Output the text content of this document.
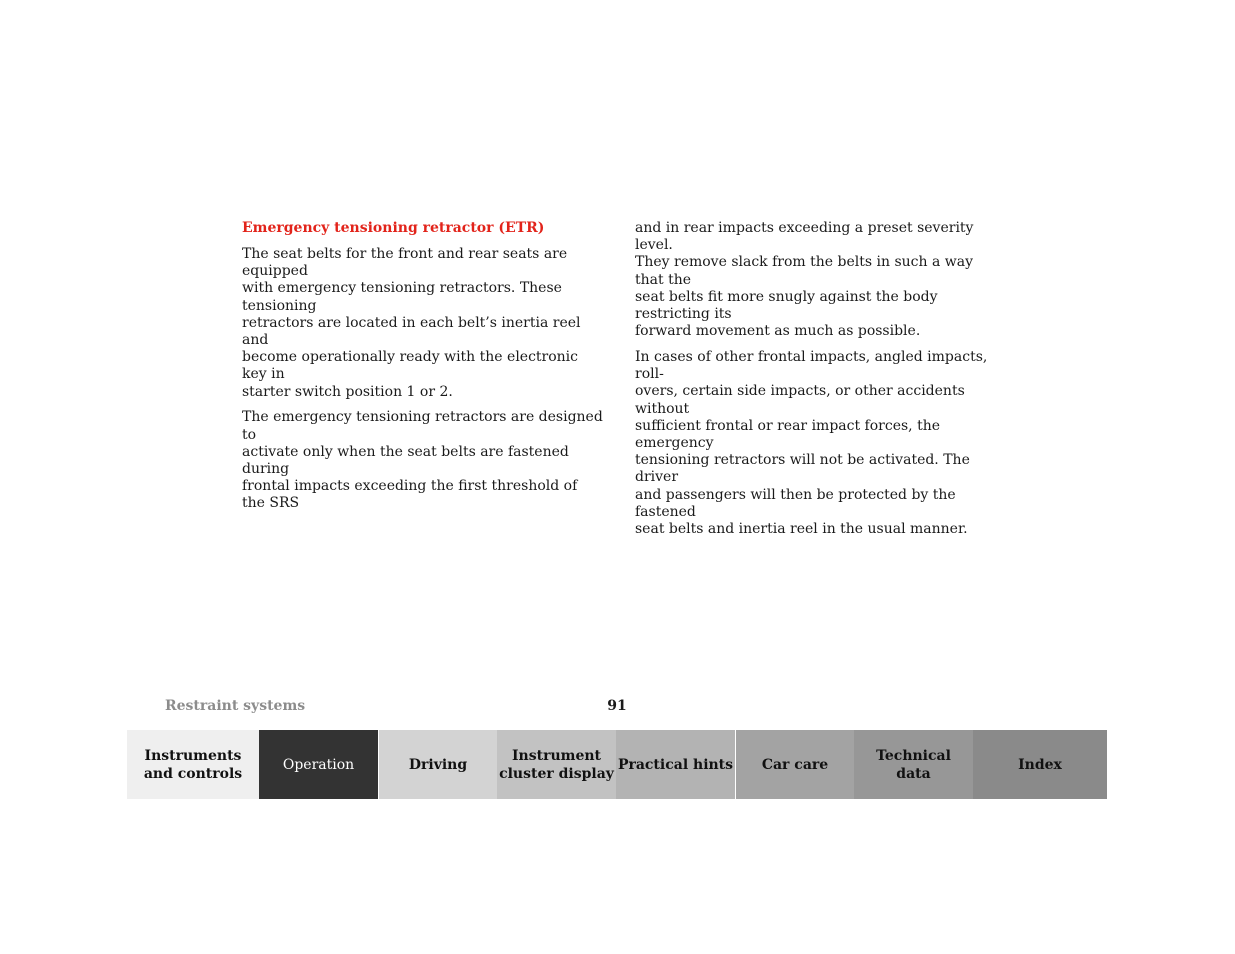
Emergency tensioning retractor (ETR)

The seat belts for the front and rear seats are equipped
with emergency tensioning retractors. These tensioning
retractors are located in each belt’s inertia reel and
become operationally ready with the electronic key in
starter switch position 1 or 2.

The emergency tensioning retractors are designed to
activate only when the seat belts are fastened during
frontal impacts exceeding the first threshold of the SRS

and in rear impacts exceeding a preset severity level.
They remove slack from the belts in such a way that the
seat belts fit more snugly against the body restricting its
forward movement as much as possible.

In cases of other frontal impacts, angled impacts, roll-
overs, certain side impacts, or other accidents without
sufficient frontal or rear impact forces, the emergency
tensioning retractors will not be activated. The driver
and passengers will then be protected by the fastened
seat belts and inertia reel in the usual manner.

Restraint systems	91
Instruments
and controls
Operation	Driving
Instrument
cluster display
Practical hints	Car care
Technical
data
Index
